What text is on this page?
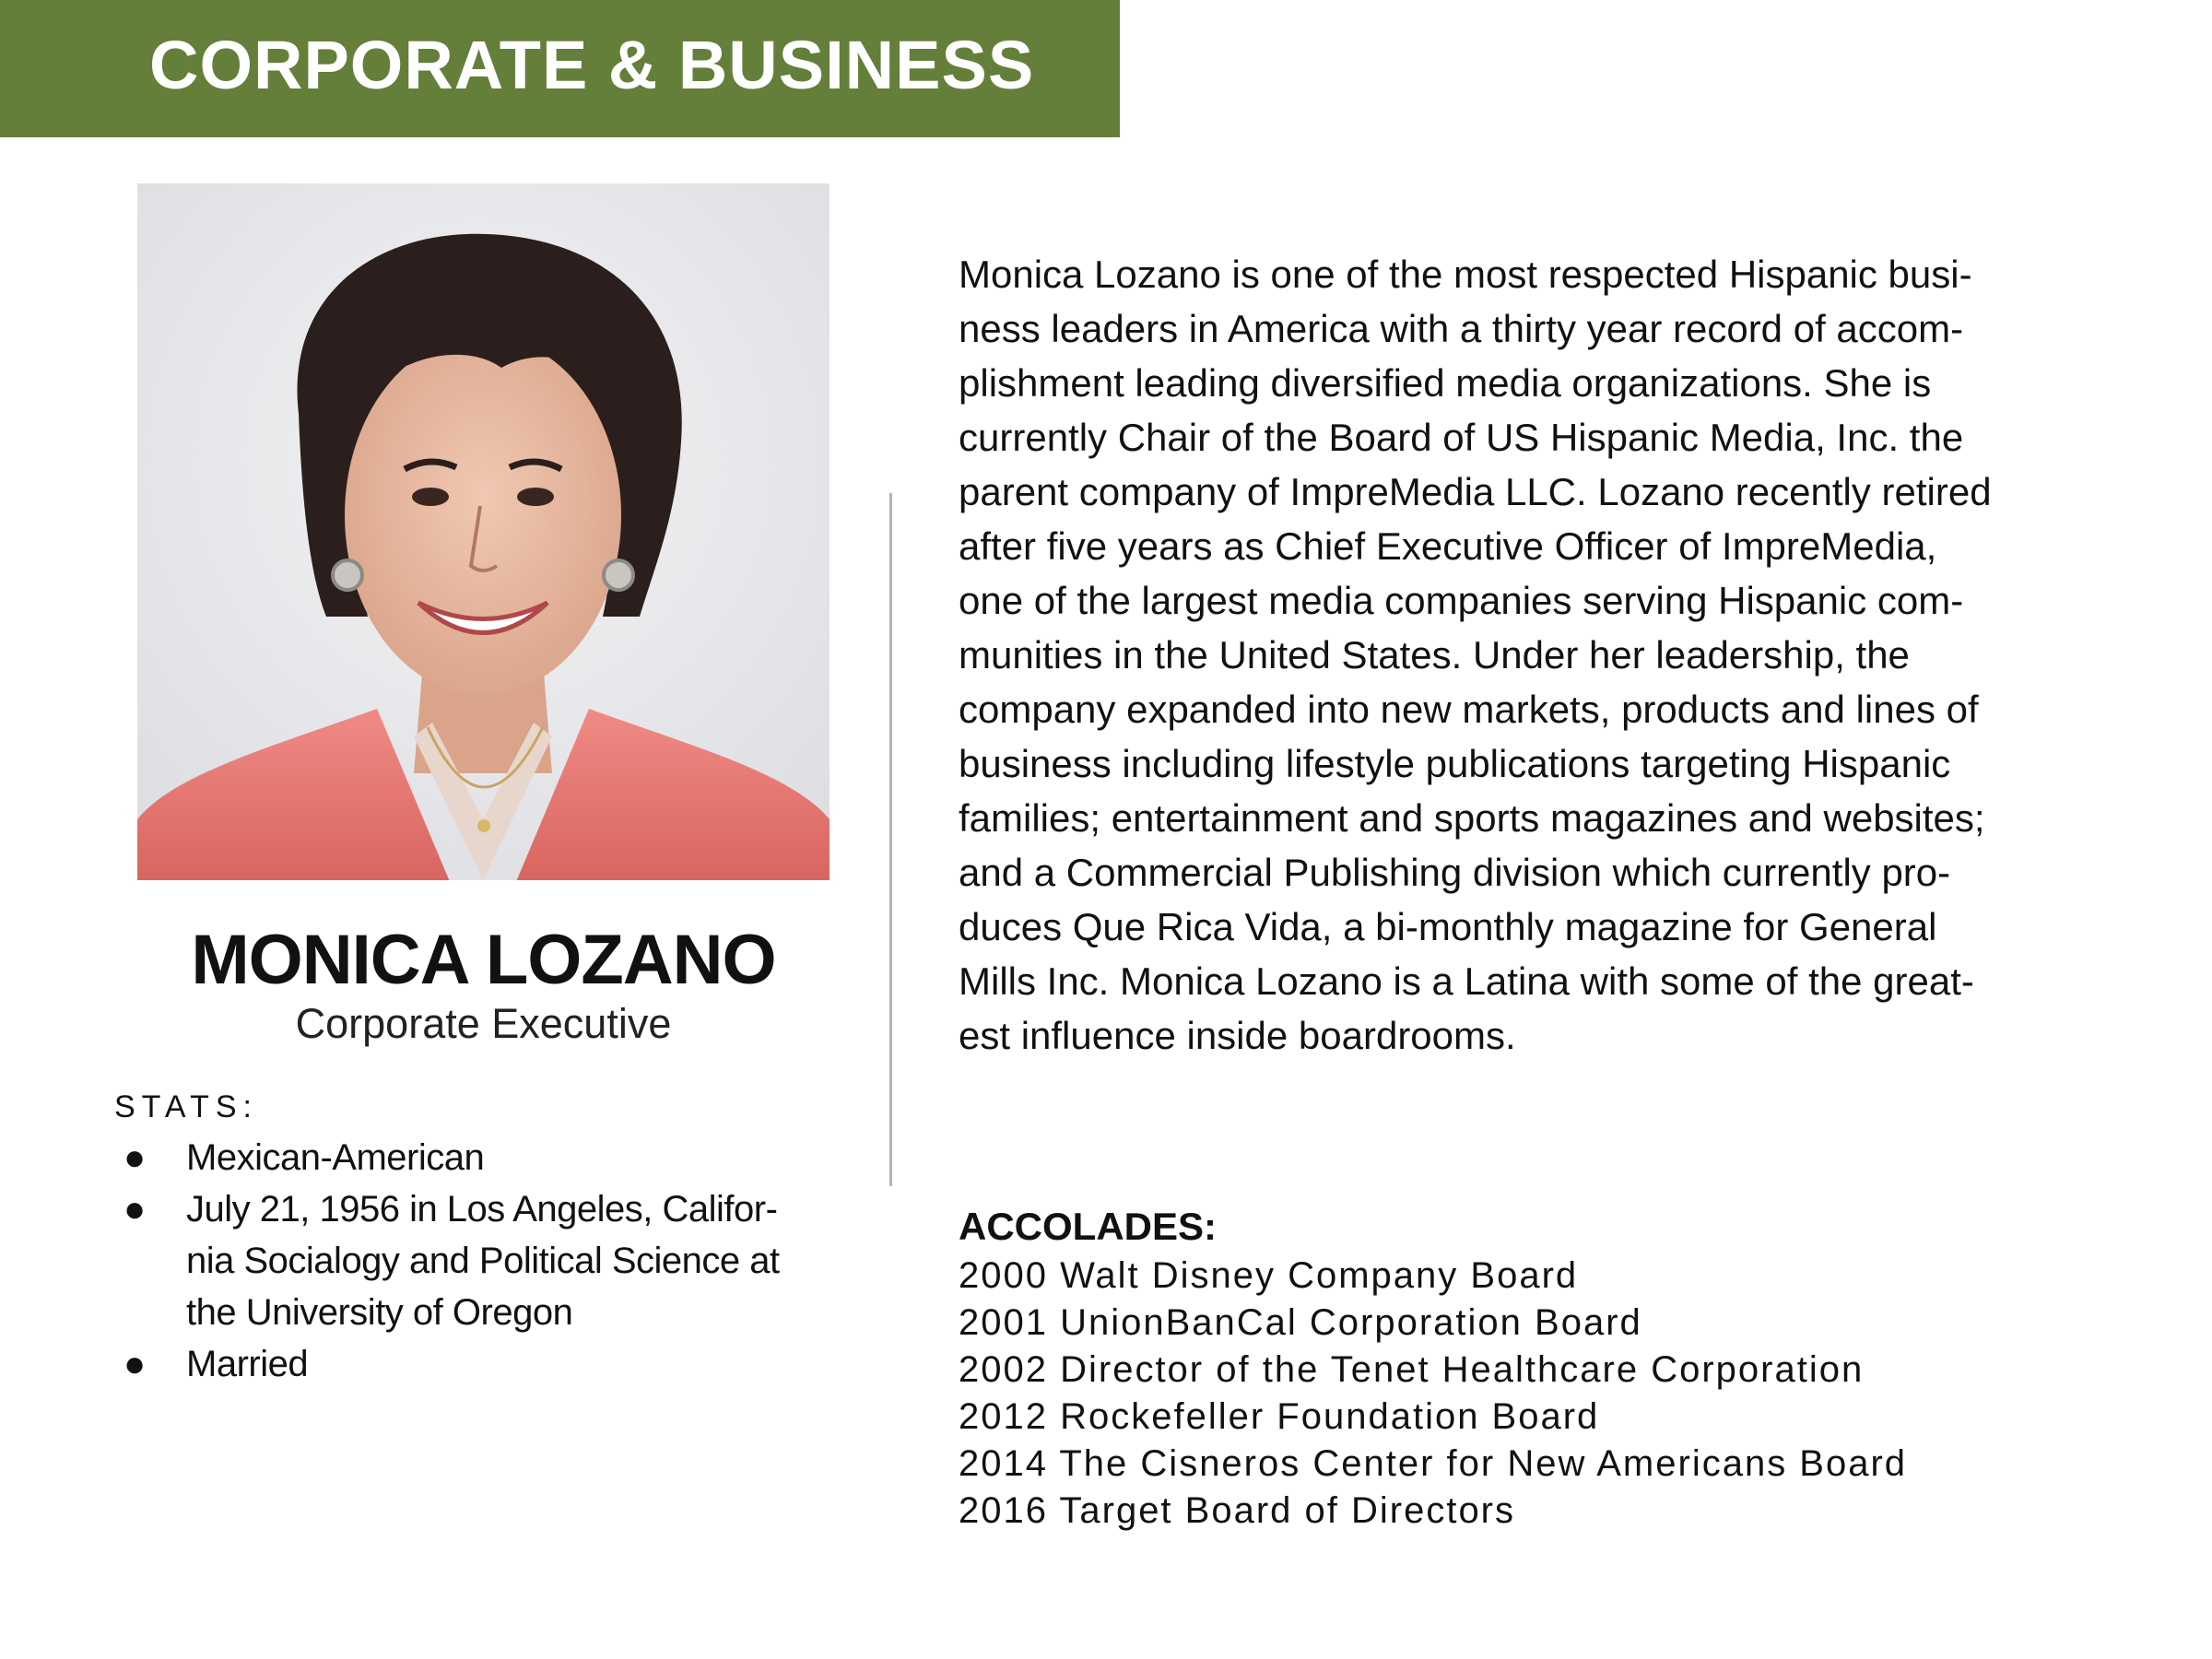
CORPORATE & BUSINESS
MONICA LOZANO
Corporate Executive
STATS:
● Mexican-American
● July 21, 1956 in Los Angeles, Califor-
nia Socialogy and Political Science at
the University of Oregon
● Married
Monica Lozano is one of the most respected Hispanic busi-
ness leaders in America with a thirty year record of accom-
plishment leading diversified media organizations. She is
currently Chair of the Board of US Hispanic Media, Inc. the
parent company of ImpreMedia LLC. Lozano recently retired
after five years as Chief Executive Officer of ImpreMedia,
one of the largest media companies serving Hispanic com-
munities in the United States. Under her leadership, the
company expanded into new markets, products and lines of
business including lifestyle publications targeting Hispanic
families; entertainment and sports magazines and websites;
and a Commercial Publishing division which currently pro-
duces Que Rica Vida, a bi-monthly magazine for General
Mills Inc. Monica Lozano is a Latina with some of the great-
est influence inside boardrooms.
ACCOLADES:
2000 Walt Disney Company Board
2001 UnionBanCal Corporation Board
2002 Director of the Tenet Healthcare Corporation
2012 Rockefeller Foundation Board
2014 The Cisneros Center for New Americans Board
2016 Target Board of Directors
